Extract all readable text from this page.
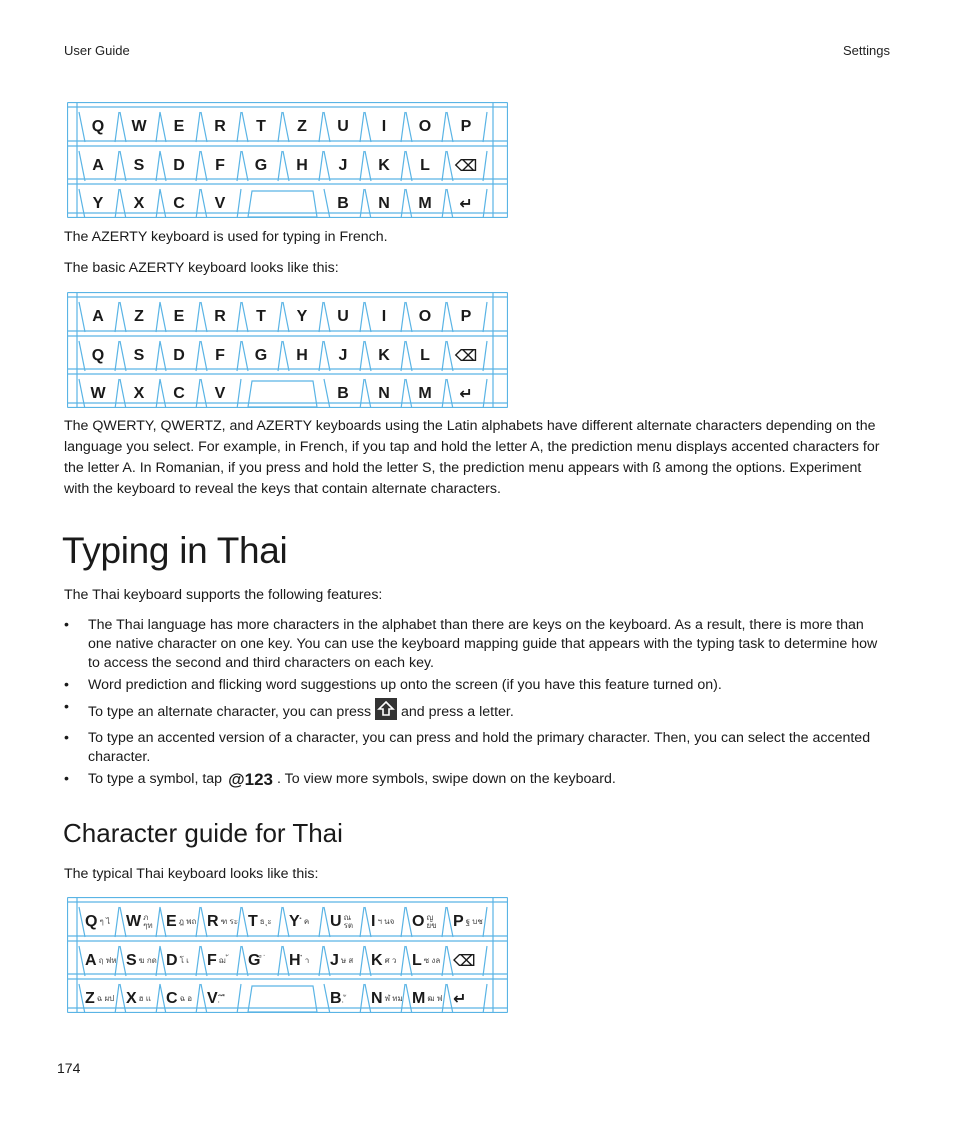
User Guide	Settings
Q W E R T Z U I O P
A S D F G H J K L ⌫
Y X C V	B N M ↵

The AZERTY keyboard is used for typing in French.

The basic AZERTY keyboard looks like this:

A Z E R T Y U I O P
Q S D F G H J K L ⌫
W X C V	B N M ↵

The QWERTY, QWERTZ, and AZERTY keyboards using the Latin alphabets have different alternate characters depending on the language you select. For example, in French, if you tap and hold the letter A, the prediction menu displays accented characters for the letter A. In Romanian, if you press and hold the letter S, the prediction menu appears with ß among the options. Experiment with the keyboard to reveal the keys that contain alternate characters.

Typing in Thai

The Thai keyboard supports the following features:

• The Thai language has more characters in the alphabet than there are keys on the keyboard. As a result, there is more than one native character on one key. You can use the keyboard mapping guide that appears with the typing task to determine how to access the second and third characters on each key.
• Word prediction and flicking word suggestions up onto the screen (if you have this feature turned on).
• To type an alternate character, you can press and press a letter.
• To type an accented version of a character, you can press and hold the primary character. Then, you can select the accented character.
• To type a symbol, tap @123 . To view more symbols, swipe down on the keyboard.
Character guide for Thai

The typical Thai keyboard looks like this:

Q ๆ ไ W ภ ๆท E ฎ พถ R ฑ ระ T ธ ุะ Y ํ ค U ณ รต	I ฯ นจ O ญ ยข	P ฐ บช
A ฤ ฟห S ฆ กด D โ เ F ฌ ้ G ็ ่ H ๋ า J ษ ส K ศ ว L ซ งล ⌫
Z ฉ ผป X ฮ แ C ฉ อ V ฺ ิ ื	B ฺ ั N ฬ ทม M ฒ ฟ ↵
174
